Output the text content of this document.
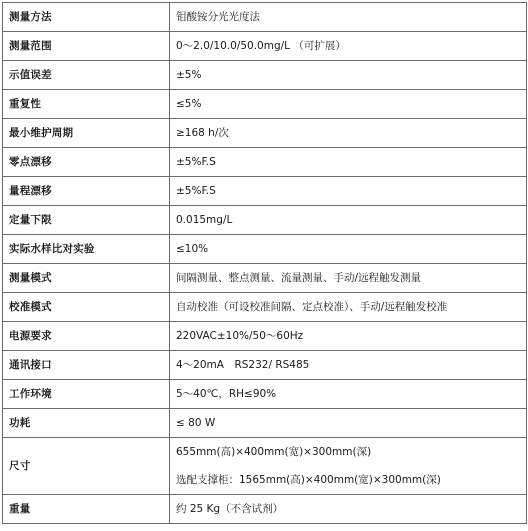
测量方法	钼酸铵分光光度法
测量范围	0～2.0/10.0/50.0mg/L （可扩展）
示值误差	±5%
重复性	≤5%
最小维护周期	≥168 h/次
零点漂移	±5%F.S
量程漂移	±5%F.S
定量下限	0.015mg/L
实际水样比对实验	≤10%
测量模式	间隔测量、整点测量、流量测量、手动/远程触发测量
校准模式	自动校准（可设校准间隔、定点校准）、手动/远程触发校准
电源要求	220VAC±10%/50～60Hz
通讯接口	4～20mA　RS232/ RS485
工作环境	5～40℃，RH≤90%
功耗	≤ 80 W
尺寸	655mm(高)×400mm(宽)×300mm(深)
选配支撑柜：1565mm(高)×400mm(宽)×300mm(深)

重量	约 25 Kg（不含试剂）
